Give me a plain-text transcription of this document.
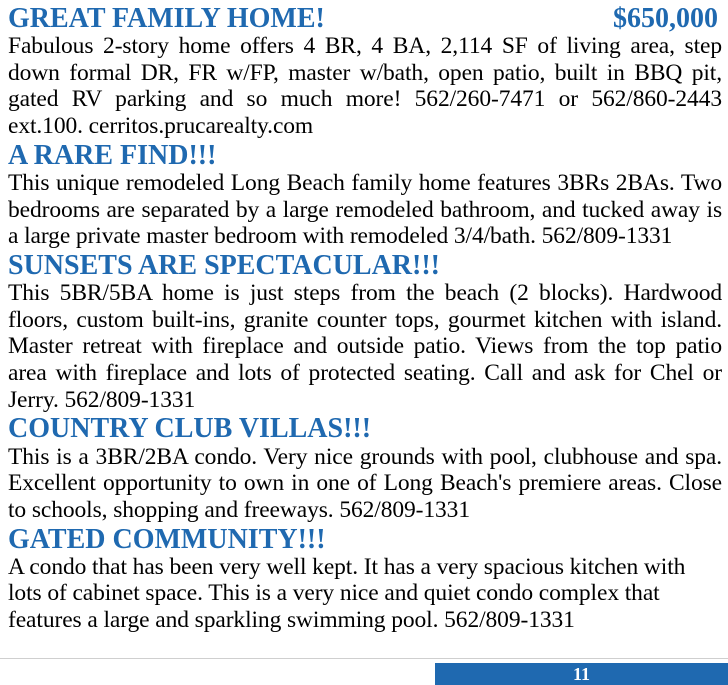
GREAT FAMILY HOME!	$650,000
Fabulous 2-story home offers 4 BR, 4 BA, 2,114 SF of living area, step down formal DR, FR w/FP, master w/bath, open patio, built in BBQ pit, gated RV parking and so much more! 562/260-7471 or 562/860-2443 ext.100. cerritos.prucarealty.com
A RARE FIND!!!
This unique remodeled Long Beach family home features 3BRs 2BAs. Two bedrooms are separated by a large remodeled bathroom, and tucked away is a large private master bedroom with remodeled 3/4/bath. 562/809-1331
SUNSETS ARE SPECTACULAR!!!
This 5BR/5BA home is just steps from the beach (2 blocks). Hardwood floors, custom built-ins, granite counter tops, gourmet kitchen with island. Master retreat with fireplace and outside patio. Views from the top patio area with fireplace and lots of protected seating. Call and ask for Chel or Jerry. 562/809-1331
COUNTRY CLUB VILLAS!!!
This is a 3BR/2BA condo. Very nice grounds with pool, clubhouse and spa. Excellent opportunity to own in one of Long Beach's premiere areas. Close to schools, shopping and freeways. 562/809-1331
GATED COMMUNITY!!!
A condo that has been very well kept. It has a very spacious kitchen with lots of cabinet space. This is a very nice and quiet condo complex that features a large and sparkling swimming pool. 562/809-1331
11
